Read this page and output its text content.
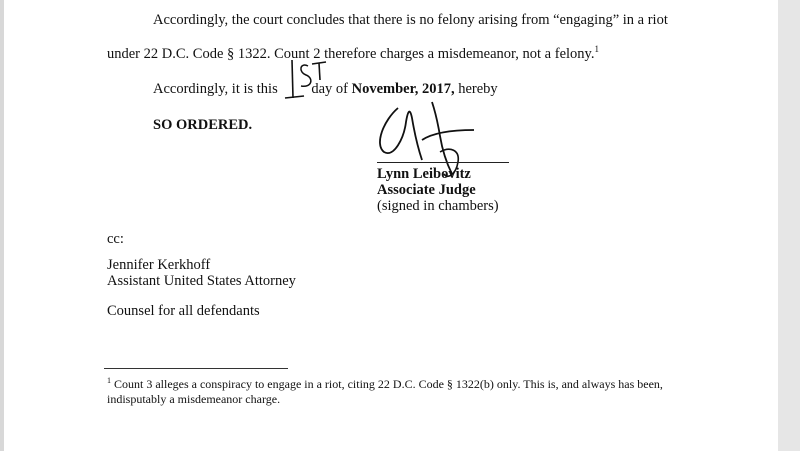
Accordingly, the court concludes that there is no felony arising from “engaging” in a riot
under 22 D.C. Code § 1322. Count 2 therefore charges a misdemeanor, not a felony.$^1$
Accordingly, it is this day of November, 2017, hereby
SO ORDERED.
Lynn Leibovitz
Associate Judge
(signed in chambers)
cc:
Jennifer Kerkhoff
Assistant United States Attorney
Counsel for all defendants
$^1$ Count 3 alleges a conspiracy to engage in a riot, citing 22 D.C. Code § 1322(b) only. This is, and always has been,
indisputably a misdemeanor charge.
